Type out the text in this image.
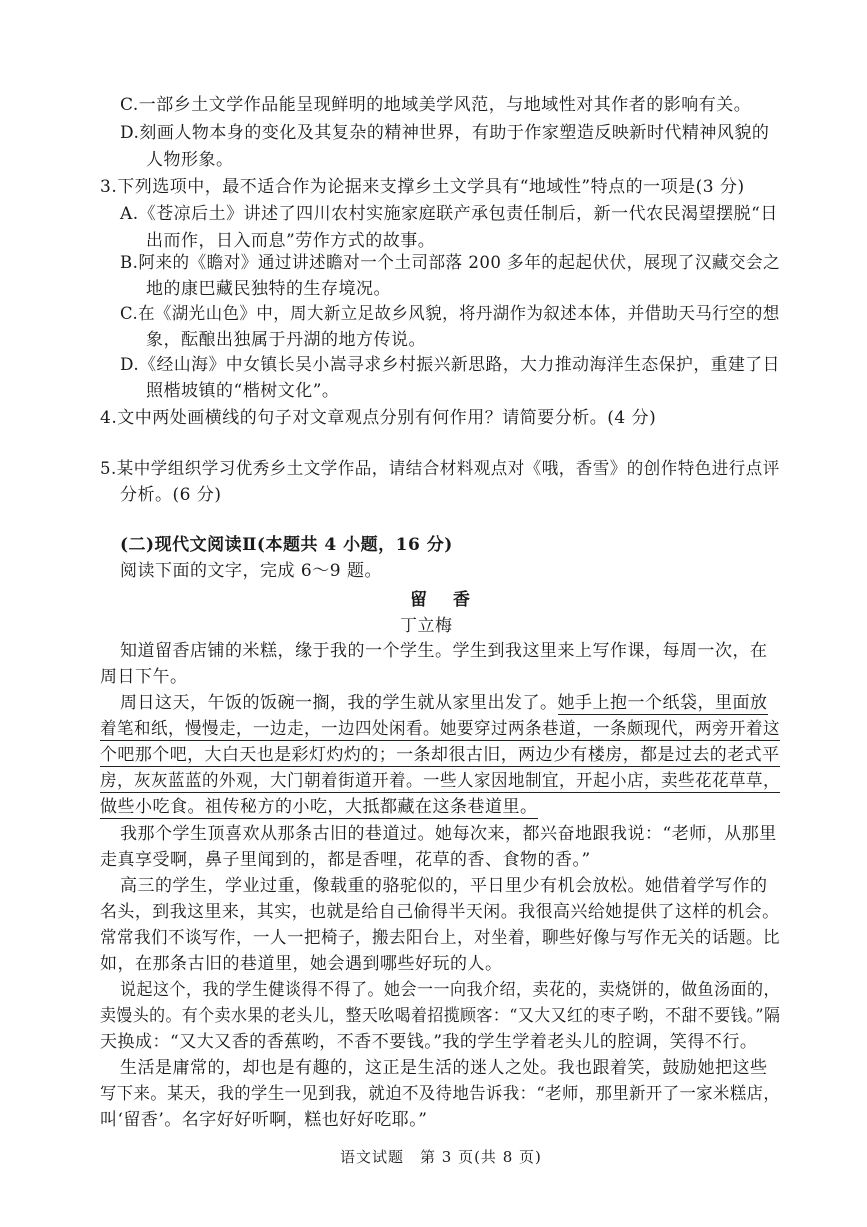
C.一部乡土文学作品能呈现鲜明的地域美学风范，与地域性对其作者的影响有关。
D.刻画人物本身的变化及其复杂的精神世界，有助于作家塑造反映新时代精神风貌的
人物形象。
3.下列选项中，最不适合作为论据来支撑乡土文学具有“地域性”特点的一项是(3 分)
A.《苍凉后土》讲述了四川农村实施家庭联产承包责任制后，新一代农民渴望摆脱“日
出而作，日入而息”劳作方式的故事。
B.阿来的《瞻对》通过讲述瞻对一个土司部落 200 多年的起起伏伏，展现了汉藏交会之
地的康巴藏民独特的生存境况。
C.在《湖光山色》中，周大新立足故乡风貌，将丹湖作为叙述本体，并借助天马行空的想
象，酝酿出独属于丹湖的地方传说。
D.《经山海》中女镇长吴小嵩寻求乡村振兴新思路，大力推动海洋生态保护，重建了日
照楷坡镇的“楷树文化”。
4.文中两处画横线的句子对文章观点分别有何作用？请简要分析。(4 分)
5.某中学组织学习优秀乡土文学作品，请结合材料观点对《哦，香雪》的创作特色进行点评
分析。(6 分)
(二)现代文阅读Ⅱ(本题共 4 小题，16 分)
阅读下面的文字，完成 6～9 题。
留 香
丁立梅
知道留香店铺的米糕，缘于我的一个学生。学生到我这里来上写作课，每周一次，在
周日下午。
周日这天，午饭的饭碗一搁，我的学生就从家里出发了。她手上抱一个纸袋，里面放
着笔和纸，慢慢走，一边走，一边四处闲看。她要穿过两条巷道，一条颇现代，两旁开着这
个吧那个吧，大白天也是彩灯灼灼的；一条却很古旧，两边少有楼房，都是过去的老式平
房，灰灰蓝蓝的外观，大门朝着街道开着。一些人家因地制宜，开起小店，卖些花花草草，
做些小吃食。祖传秘方的小吃，大抵都藏在这条巷道里。
我那个学生顶喜欢从那条古旧的巷道过。她每次来，都兴奋地跟我说：“老师，从那里
走真享受啊，鼻子里闻到的，都是香哩，花草的香、食物的香。”
高三的学生，学业过重，像载重的骆驼似的，平日里少有机会放松。她借着学写作的
名头，到我这里来，其实，也就是给自己偷得半天闲。我很高兴给她提供了这样的机会。
常常我们不谈写作，一人一把椅子，搬去阳台上，对坐着，聊些好像与写作无关的话题。比
如，在那条古旧的巷道里，她会遇到哪些好玩的人。
说起这个，我的学生健谈得不得了。她会一一向我介绍，卖花的，卖烧饼的，做鱼汤面的，
卖馒头的。有个卖水果的老头儿，整天吆喝着招揽顾客：“又大又红的枣子哟，不甜不要钱。”隔
天换成：“又大又香的香蕉哟，不香不要钱。”我的学生学着老头儿的腔调，笑得不行。
生活是庸常的，却也是有趣的，这正是生活的迷人之处。我也跟着笑，鼓励她把这些
写下来。某天，我的学生一见到我，就迫不及待地告诉我：“老师，那里新开了一家米糕店，
叫‘留香’。名字好好听啊，糕也好好吃耶。”
语文试题　第 3 页(共 8 页)
